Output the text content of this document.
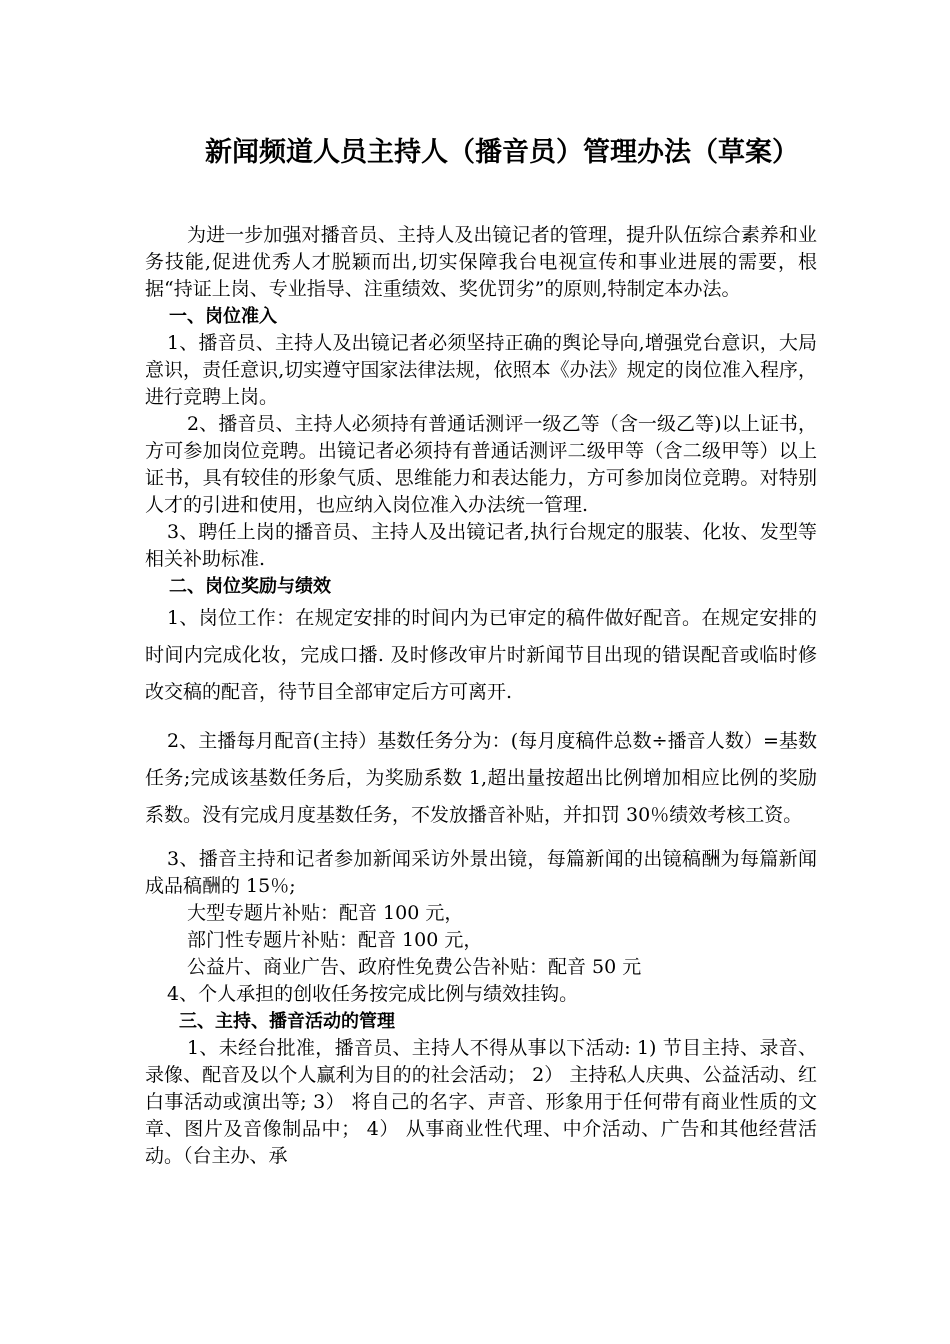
新闻频道人员主持人（播音员）管理办法（草案）

为进一步加强对播音员、主持人及出镜记者的管理，提升队伍综合素养和业务技能,促进优秀人才脱颖而出,切实保障我台电视宣传和事业进展的需要，根据“持证上岗、专业指导、注重绩效、奖优罚劣”的原则,特制定本办法。

一、岗位准入

1、播音员、主持人及出镜记者必须坚持正确的舆论导向,增强党台意识，大局意识，责任意识,切实遵守国家法律法规，依照本《办法》规定的岗位准入程序，进行竞聘上岗。

2、播音员、主持人必须持有普通话测评一级乙等（含一级乙等)以上证书，方可参加岗位竞聘。出镜记者必须持有普通话测评二级甲等（含二级甲等）以上证书，具有较佳的形象气质、思维能力和表达能力，方可参加岗位竞聘。对特别人才的引进和使用，也应纳入岗位准入办法统一管理.

3、聘任上岗的播音员、主持人及出镜记者,执行台规定的服装、化妆、发型等相关补助标准.

二、岗位奖励与绩效

1、岗位工作：在规定安排的时间内为已审定的稿件做好配音。在规定安排的时间内完成化妆，完成口播. 及时修改审片时新闻节目出现的错误配音或临时修改交稿的配音，待节目全部审定后方可离开.

2、主播每月配音(主持）基数任务分为：(每月度稿件总数÷播音人数）=基数任务;完成该基数任务后，为奖励系数 1,超出量按超出比例增加相应比例的奖励系数。没有完成月度基数任务，不发放播音补贴，并扣罚 30％绩效考核工资。

3、播音主持和记者参加新闻采访外景出镜，每篇新闻的出镜稿酬为每篇新闻成品稿酬的 15％;

大型专题片补贴：配音 100 元，

部门性专题片补贴：配音 100 元，

公益片、商业广告、政府性免费公告补贴：配音 50 元

4、个人承担的创收任务按完成比例与绩效挂钩。

三、主持、播音活动的管理

1、未经台批准，播音员、主持人不得从事以下活动: 1) 节目主持、录音、录像、配音及以个人赢利为目的的社会活动； 2） 主持私人庆典、公益活动、红白事活动或演出等; 3） 将自己的名字、声音、形象用于任何带有商业性质的文章、图片及音像制品中； 4） 从事商业性代理、中介活动、广告和其他经营活动。（台主办、承
